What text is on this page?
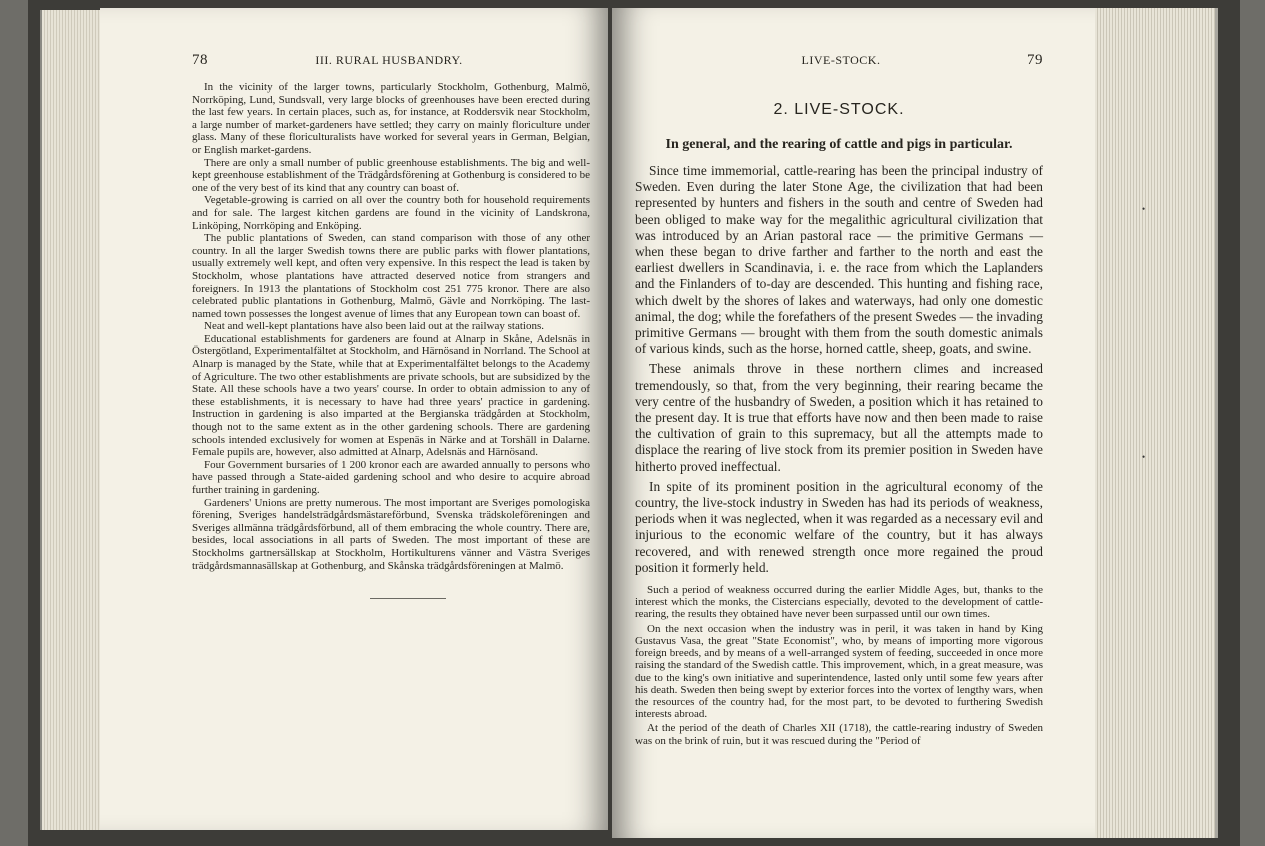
78	III. RURAL HUSBANDRY.

In the vicinity of the larger towns, particularly Stockholm, Gothenburg, Malmö, Norrköping, Lund, Sundsvall, very large blocks of greenhouses have been erected during the last few years. In certain places, such as, for instance, at Roddersvik near Stockholm, a large number of market-gardeners have settled; they carry on mainly floriculture under glass. Many of these floriculturalists have worked for several years in German, Belgian, or English market-gardens.

There are only a small number of public greenhouse establishments. The big and well-kept greenhouse establishment of the Trädgårdsförening at Gothenburg is considered to be one of the very best of its kind that any country can boast of.

Vegetable-growing is carried on all over the country both for household requirements and for sale. The largest kitchen gardens are found in the vicinity of Landskrona, Linköping, Norrköping and Enköping.

The public plantations of Sweden, can stand comparison with those of any other country. In all the larger Swedish towns there are public parks with flower plantations, usually extremely well kept, and often very expensive. In this respect the lead is taken by Stockholm, whose plantations have attracted deserved notice from strangers and foreigners. In 1913 the plantations of Stockholm cost 251 775 kronor. There are also celebrated public plantations in Gothenburg, Malmö, Gävle and Norrköping. The last-named town possesses the longest avenue of limes that any European town can boast of.

Neat and well-kept plantations have also been laid out at the railway stations.

Educational establishments for gardeners are found at Alnarp in Skåne, Adelsnäs in Östergötland, Experimentalfältet at Stockholm, and Härnösand in Norrland. The School at Alnarp is managed by the State, while that at Experimentalfältet belongs to the Academy of Agriculture. The two other establishments are private schools, but are subsidized by the State. All these schools have a two years' course. In order to obtain admission to any of these establishments, it is necessary to have had three years' practice in gardening. Instruction in gardening is also imparted at the Bergianska trädgården at Stockholm, though not to the same extent as in the other gardening schools. There are gardening schools intended exclusively for women at Espenäs in Närke and at Torshäll in Dalarne. Female pupils are, however, also admitted at Alnarp, Adelsnäs and Härnösand.

Four Government bursaries of 1 200 kronor each are awarded annually to persons who have passed through a State-aided gardening school and who desire to acquire abroad further training in gardening.

Gardeners' Unions are pretty numerous. The most important are Sveriges pomologiska förening, Sveriges handelsträdgårdsmästareförbund, Svenska trädskoleföreningen and Sveriges allmänna trädgårdsförbund, all of them embracing the whole country. There are, besides, local associations in all parts of Sweden. The most important of these are Stockholms gartnersällskap at Stockholm, Hortikulturens vänner and Västra Sveriges trädgårdsmannasällskap at Gothenburg, and Skånska trädgårdsföreningen at Malmö.

LIVE-STOCK.	79
2. LIVE-STOCK.
In general, and the rearing of cattle and pigs in particular.

Since time immemorial, cattle-rearing has been the principal industry of Sweden. Even during the later Stone Age, the civilization that had been represented by hunters and fishers in the south and centre of Sweden had been obliged to make way for the megalithic agricultural civilization that was introduced by an Arian pastoral race — the primitive Germans — when these began to drive farther and farther to the north and east the earliest dwellers in Scandinavia, i. e. the race from which the Laplanders and the Finlanders of to-day are descended. This hunting and fishing race, which dwelt by the shores of lakes and waterways, had only one domestic animal, the dog; while the forefathers of the present Swedes — the invading primitive Germans — brought with them from the south domestic animals of various kinds, such as the horse, horned cattle, sheep, goats, and swine.

These animals throve in these northern climes and increased tremendously, so that, from the very beginning, their rearing became the very centre of the husbandry of Sweden, a position which it has retained to the present day. It is true that efforts have now and then been made to raise the cultivation of grain to this supremacy, but all the attempts made to displace the rearing of live stock from its premier position in Sweden have hitherto proved ineffectual.

In spite of its prominent position in the agricultural economy of the country, the live-stock industry in Sweden has had its periods of weakness, periods when it was neglected, when it was regarded as a necessary evil and injurious to the economic welfare of the country, but it has always recovered, and with renewed strength once more regained the proud position it formerly held.

Such a period of weakness occurred during the earlier Middle Ages, but, thanks to the interest which the monks, the Cistercians especially, devoted to the development of cattle-rearing, the results they obtained have never been surpassed until our own times.

On the next occasion when the industry was in peril, it was taken in hand by King Gustavus Vasa, the great "State Economist", who, by means of importing more vigorous foreign breeds, and by means of a well-arranged system of feeding, succeeded in once more raising the standard of the Swedish cattle. This improvement, which, in a great measure, was due to the king's own initiative and superintendence, lasted only until some few years after his death. Sweden then being swept by exterior forces into the vortex of lengthy wars, when the resources of the country had, for the most part, to be devoted to furthering Swedish interests abroad.

At the period of the death of Charles XII (1718), the cattle-rearing industry of Sweden was on the brink of ruin, but it was rescued during the "Period of

•
•
